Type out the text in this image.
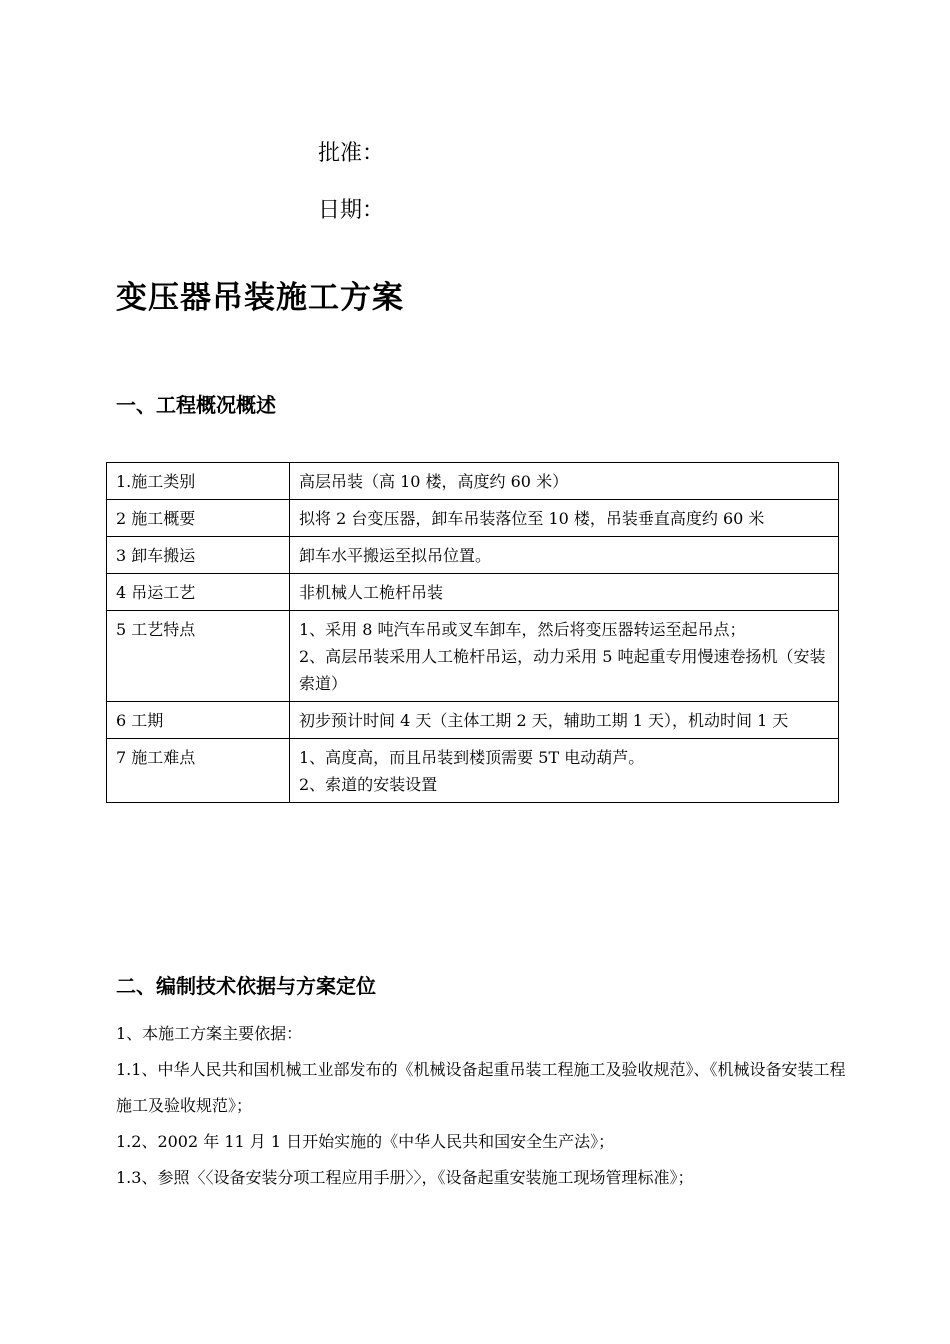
批准：
日期：
变压器吊装施工方案
一、工程概况概述
1.施工类别	高层吊装（高 10 楼，高度约 60 米）

2 施工概要	拟将 2 台变压器，卸车吊装落位至 10 楼，吊装垂直高度约 60 米

3 卸车搬运	卸车水平搬运至拟吊位置。

4 吊运工艺	非机械人工桅杆吊装

5 工艺特点	1、采用 8 吨汽车吊或叉车卸车，然后将变压器转运至起吊点；
2、高层吊装采用人工桅杆吊运，动力采用 5 吨起重专用慢速卷扬机（安装索道）

6 工期	初步预计时间 4 天（主体工期 2 天，辅助工期 1 天），机动时间 1 天

7 施工难点	1、高度高，而且吊装到楼顶需要 5T 电动葫芦。
2、索道的安装设置
二、编制技术依据与方案定位

1、本施工方案主要依据：

1.1、中华人民共和国机械工业部发布的《机械设备起重吊装工程施工及验收规范》、《机械设备安装工程施工及验收规范》；

1.2、2002 年 11 月 1 日开始实施的《中华人民共和国安全生产法》；

1.3、参照〈〈设备安装分项工程应用手册〉〉，《设备起重安装施工现场管理标准》；
